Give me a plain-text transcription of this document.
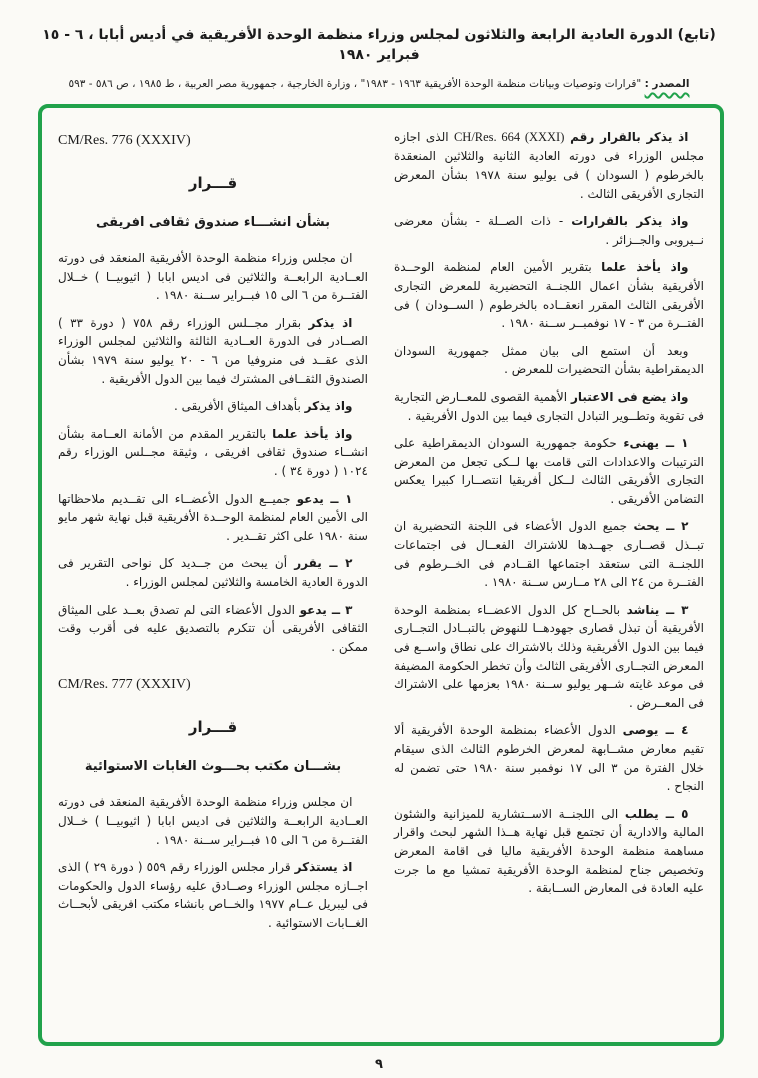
(تابع) الدورة العادية الرابعة والثلاثون لمجلس وزراء منظمة الوحدة الأفريقية في أديس أبابا ، ٦ - ١٥ فبراير ١٩٨٠
المصدر : "قرارات وتوصيات وبيانات منظمة الوحدة الأفريقية ١٩٦٣ - ١٩٨٣" ، وزارة الخارجية ، جمهورية مصر العربية ، ط ١٩٨٥ ، ص ٥٨٦ - ٥٩٣

اذ يذكر بالقرار رقم CH/Res. 664 (XXXI) الذى اجازه مجلس الوزراء فى دورته العادية الثانية والثلاثين المنعقدة بالخرطوم ( السودان ) فى يوليو سنة ١٩٧٨ بشأن المعرض التجارى الأفريقى الثالث .

واذ يذكر بالقرارات - ذات الصــلة - بشأن معرضى نــيروبى والجــزائر .

واذ يأخذ علما بتقرير الأمين العام لمنظمة الوحــدة الأفريقية بشأن اعمال اللجنــة التحضيرية للمعرض التجارى الأفريقى الثالث المقرر انعقــاده بالخرطوم ( الســودان ) فى الفتــرة من ٣ - ١٧ نوفمبــر ســنة ١٩٨٠ .

وبعد أن استمع الى بيان ممثل جمهورية السودان الديمقراطية بشأن التحضيرات للمعرض .

واذ يضع فى الاعتبار الأهمية القصوى للمعــارض التجارية فى تقوية وتطــوير التبادل التجارى فيما بين الدول الأفريقية .

١ ــ يهنىء حكومة جمهورية السودان الديمقراطية على الترتيبات والاعدادات التى قامت بها لــكى تجعل من المعرض التجارى الأفريقى الثالث لــكل أفريقيا انتصــارا كبيرا يعكس التضامن الأفريقى .

٢ ــ يحث جميع الدول الأعضاء فى اللجنة التحضيرية ان تبــذل قصــارى جهــدها للاشتراك الفعــال فى اجتماعات اللجنــة التى ستعقد اجتماعها القــادم فى الخــرطوم فى الفتــرة من ٢٤ الى ٢٨ مــارس ســنة ١٩٨٠ .

٣ ــ يناشد بالحــاح كل الدول الاعضــاء بمنظمة الوحدة الأفريقية أن تبذل قصارى جهودهــا للنهوض بالتبــادل التجــارى فيما بين الدول الأفريقية وذلك بالاشتراك على نطاق واســع فى المعرض التجــارى الأفريقى الثالث وأن تخطر الحكومة المضيفة فى موعد غايته شــهر يوليو ســنة ١٩٨٠ بعزمها على الاشتراك فى المعــرض .

٤ ــ يوصى الدول الأعضاء بمنظمة الوحدة الأفريقية ألا تقيم معارض مشــابهة لمعرض الخرطوم الثالث الذى سيقام خلال الفترة من ٣ الى ١٧ نوفمبر سنة ١٩٨٠ حتى تضمن له النجاح .

٥ ــ يطلب الى اللجنــة الاســتشارية للميزانية والشئون المالية والادارية أن تجتمع قبل نهاية هــذا الشهر لبحث واقرار مساهمة منظمة الوحدة الأفريقية ماليا فى اقامة المعرض وتخصيص جناح لمنظمة الوحدة الأفريقية تمشيا مع ما جرت عليه العادة فى المعارض الســابقة .

CM/Res. 776 (XXXIV)
قـــرار
بشأن انشـــاء صندوق ثقافى افريقى

ان مجلس وزراء منظمة الوحدة الأفريقية المنعقد فى دورته العــادية الرابعــة والثلاثين فى اديس ابابا ( اثيوبيــا ) خــلال الفتــرة من ٦ الى ١٥ فبــراير ســنة ١٩٨٠ .

اذ يذكر بقرار مجــلس الوزراء رقم ٧٥٨ ( دورة ٣٣ ) الصــادر فى الدورة العــادية الثالثة والثلاثين لمجلس الوزراء الذى عقــد فى منروفيا من ٦ - ٢٠ يوليو سنة ١٩٧٩ بشأن الصندوق الثقــافى المشترك فيما بين الدول الأفريقية .

واذ يذكر بأهداف الميثاق الأفريقى .

واذ يأخذ علما بالتقرير المقدم من الأمانة العــامة بشأن انشــاء صندوق ثقافى افريقى ، وثيقة مجــلس الوزراء رقم ١٠٢٤ ( دورة ٣٤ ) .

١ ــ يدعو جميــع الدول الأعضــاء الى تقــديم ملاحظاتها الى الأمين العام لمنظمة الوحــدة الأفريقية قبل نهاية شهر مايو سنة ١٩٨٠ على اكثر تقــدير .

٢ ــ يقرر أن يبحث من جــديد كل نواحى التقرير فى الدورة العادية الخامسة والثلاثين لمجلس الوزراء .

٣ ــ يدعو الدول الأعضاء التى لم تصدق بعــد على الميثاق الثقافى الأفريقى أن تتكرم بالتصديق عليه فى أقرب وقت ممكن .

CM/Res. 777 (XXXIV)
قـــرار
بشـــان مكتب بحـــوث الغابات الاستوائية

ان مجلس وزراء منظمة الوحدة الأفريقية المنعقد فى دورته العــادية الرابعــة والثلاثين فى اديس ابابا ( اثيوبيــا ) خــلال الفتــرة من ٦ الى ١٥ فبــراير ســنة ١٩٨٠ .

اذ يستذكر قرار مجلس الوزراء رقم ٥٥٩ ( دورة ٢٩ ) الذى اجــازه مجلس الوزراء وصــادق عليه رؤساء الدول والحكومات فى ليبريل عــام ١٩٧٧ والخــاص بانشاء مكتب افريقى لأبحــاث الغــابات الاستوائية .

٩
